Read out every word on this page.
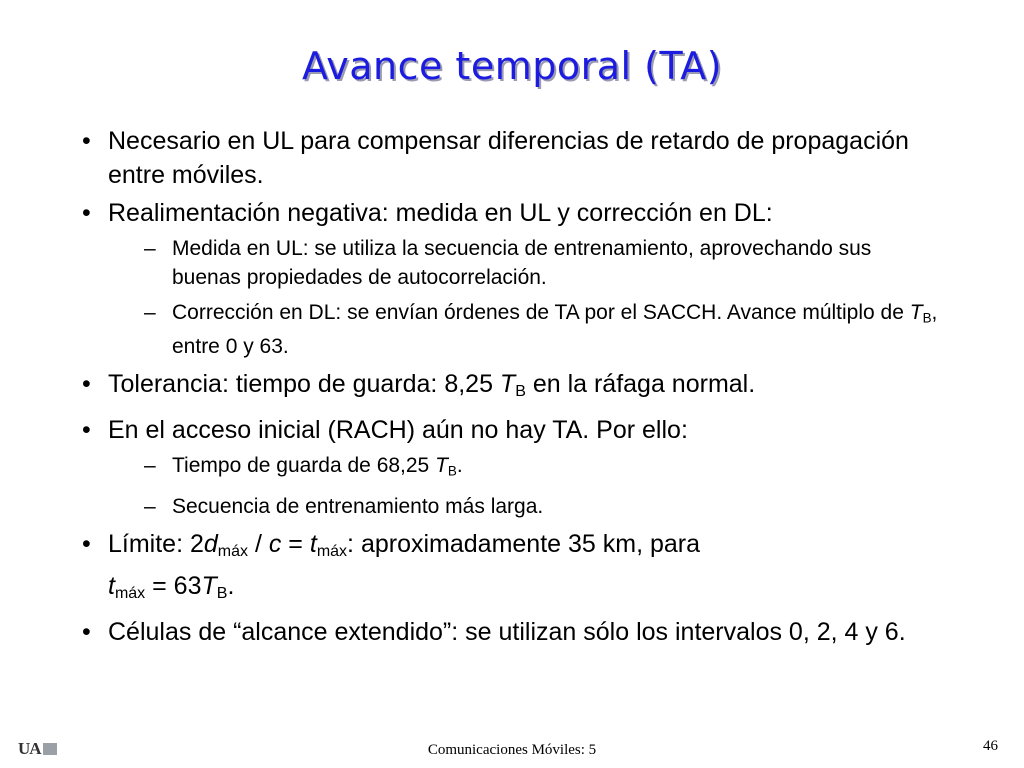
Avance temporal (TA)
• Necesario en UL para compensar diferencias de retardo de propagación entre móviles.
• Realimentación negativa: medida en UL y corrección en DL:
– Medida en UL: se utiliza la secuencia de entrenamiento, aprovechando sus buenas propiedades de autocorrelación.
– Corrección en DL: se envían órdenes de TA por el SACCH. Avance múltiplo de $T_B$, entre 0 y 63.
• Tolerancia: tiempo de guarda: 8,25 $T_B$ en la ráfaga normal.
• En el acceso inicial (RACH) aún no hay TA. Por ello:
– Tiempo de guarda de 68,25 $T_B$.
– Secuencia de entrenamiento más larga.
• Límite: $2d_{máx} / c = t_{máx}$: aproximadamente 35 km, para
$t_{máx} = 63T_B$.
• Células de “alcance extendido”: se utilizan sólo los intervalos 0, 2, 4 y 6.
UA	Comunicaciones Móviles: 5	46
